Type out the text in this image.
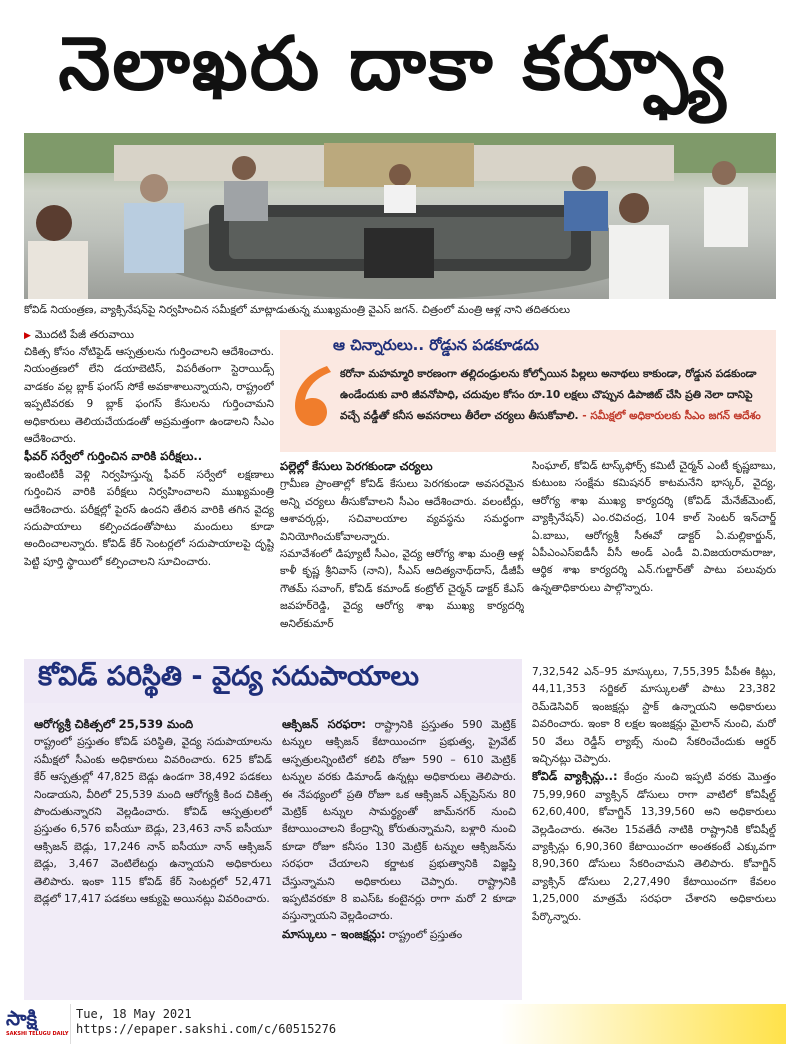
నెలాఖరు దాకా కర్ఫ్యూ
కోవిడ్ నియంత్రణ, వ్యాక్సినేషన్‌పై నిర్వహించిన సమీక్షలో మాట్లాడుతున్న ముఖ్యమంత్రి వైఎస్ జగన్. చిత్రంలో మంత్రి ఆళ్ల నాని తదితరులు
▶ మొదటి పేజీ తరువాయి
చికిత్స కోసం నోటిఫైడ్ ఆస్పత్రులను గుర్తించాలని ఆదేశించారు. నియంత్రణలో లేని డయాబెటిస్, విపరీతంగా స్టెరాయిడ్స్ వాడకం వల్ల బ్లాక్ ఫంగస్ సోకే అవకాశాలున్నాయని, రాష్ట్రంలో ఇప్పటివరకు 9 బ్లాక్ ఫంగస్ కేసులను గుర్తించామని అధికారులు తెలియచేయడంతో అప్రమత్తంగా ఉండాలని సీఎం ఆదేశించారు.
ఫీవర్ సర్వేలో గుర్తించిన వారికి పరీక్షలు..
ఇంటింటికీ వెళ్లి నిర్వహిస్తున్న ఫీవర్ సర్వేలో లక్షణాలు గుర్తించిన వారికి పరీక్షలు నిర్వహించాలని ముఖ్యమంత్రి ఆదేశించారు. పరీక్షల్లో పైరస్ ఉందని తేలిన వారికి తగిన వైద్య సదుపాయాలు కల్పించడంతోపాటు మందులు కూడా అందించాలన్నారు. కోవిడ్ కేర్ సెంటర్లలో సదుపాయాలపై దృష్టి పెట్టి పూర్తి స్థాయిలో కల్పించాలని సూచించారు.
ఆ చిన్నారులు.. రోడ్డున పడకూడదు
కరోనా మహమ్మారి కారణంగా తల్లిదండ్రులను కోల్పోయిన పిల్లలు అనాథలు కాకుండా, రోడ్డున పడకుండా ఉండేందుకు వారి జీవనోపాధి, చదువుల కోసం రూ.10 లక్షలు చొప్పున డిపాజిట్ చేసి ప్రతి నెలా దానిపై వచ్చే వడ్డీతో కనీస అవసరాలు తీరేలా చర్యలు తీసుకోవాలి. - సమీక్షలో అధికారులకు సీఎం జగన్ ఆదేశం
పల్లెల్లో కేసులు పెరగకుండా చర్యలు
గ్రామీణ ప్రాంతాల్లో కోవిడ్ కేసులు పెరగకుండా అవసరమైన అన్ని చర్యలు తీసుకోవాలని సీఎం ఆదేశించారు. వలంటీర్లు, ఆశావర్కర్లు, సచివాలయాల వ్యవస్థను సమర్థంగా వినియోగించుకోవాలన్నారు.
సమావేశంలో డిప్యూటీ సీఎం, వైద్య ఆరోగ్య శాఖ మంత్రి ఆళ్ల కాళీ కృష్ణ శ్రీనివాస్ (నాని), సీఎస్ ఆదిత్యనాథ్‌దాస్, డీజీపీ గౌతమ్ సవాంగ్, కోవిడ్ కమాండ్ కంట్రోల్ చైర్మన్ డాక్టర్ కేఎస్ జవహర్‌రెడ్డి, వైద్య ఆరోగ్య శాఖ ముఖ్య కార్యదర్శి అనిల్‌కుమార్
సింఘాల్, కోవిడ్ టాస్క్‌ఫోర్స్ కమిటీ చైర్మన్ ఎంటీ కృష్ణబాబు, కుటుంబ సంక్షేమ కమిషనర్ కాటమనేని భాస్కర్, వైద్య, ఆరోగ్య శాఖ ముఖ్య కార్యదర్శి (కోవిడ్ మేనేజ్‌మెంట్, వ్యాక్సినేషన్) ఎం.రవిచంద్ర, 104 కాల్ సెంటర్ ఇన్‌చార్జ్ ఏ.బాబు, ఆరోగ్యశ్రీ సీఈవో డాక్టర్ ఏ.మల్లికార్జున్, ఏపీఎంఎస్ఐడీసీ వీసీ అండ్ ఎండీ వి.విజయరామరాజు, ఆర్థిక శాఖ కార్యదర్శి ఎన్.గుల్జార్‌తో పాటు పలువురు ఉన్నతాధికారులు పాల్గొన్నారు.
కోవిడ్ పరిస్థితి - వైద్య సదుపాయాలు
ఆరోగ్యశ్రీ చికిత్సలో 25,539 మంది
రాష్ట్రంలో ప్రస్తుతం కోవిడ్ పరిస్థితి, వైద్య సదుపాయాలను సమీక్షలో సీఎంకు అధికారులు వివరించారు. 625 కోవిడ్ కేర్ ఆస్పత్రుల్లో 47,825 బెడ్లు ఉండగా 38,492 పడకలు నిండాయని, వీరిలో 25,539 మంది ఆరోగ్యశ్రీ కింద చికిత్స పొందుతున్నారని వెల్లడించారు. కోవిడ్ ఆస్పత్రులలో ప్రస్తుతం 6,576 ఐసీయూ బెడ్లు, 23,463 నాన్ ఐసీయూ ఆక్సిజన్ బెడ్లు, 17,246 నాన్ ఐసీయూ నాన్ ఆక్సిజన్ బెడ్లు, 3,467 వెంటిలేటర్లు ఉన్నాయని అధికారులు తెలిపారు. ఇంకా 115 కోవిడ్ కేర్ సెంటర్లలో 52,471 బెడ్లలో 17,417 పడకలు ఆక్యుపై అయినట్లు వివరించారు.
ఆక్సిజన్ సరఫరా: రాష్ట్రానికి ప్రస్తుతం 590 మెట్రిక్ టన్నుల ఆక్సిజన్ కేటాయించగా ప్రభుత్వ, ప్రైవేట్ ఆస్పత్రులన్నింటిలో కలిపి రోజూ 590 – 610 మెట్రిక్ టన్నుల వరకు డిమాండ్ ఉన్నట్లు అధికారులు తెలిపారు. ఈ నేపథ్యంలో ప్రతి రోజూ ఒక ఆక్సిజన్ ఎక్స్‌ప్రెస్‌ను 80 మెట్రిక్ టన్నుల సామర్థ్యంతో జామ్‌నగర్ నుంచి కేటాయించాలని కేంద్రాన్ని కోరుతున్నామని, బళ్లారి నుంచి కూడా రోజూ కనీసం 130 మెట్రిక్ టన్నుల ఆక్సిజన్‌ను సరఫరా చేయాలని కర్ణాటక ప్రభుత్వానికి విజ్ఞప్తి చేస్తున్నామని అధికారులు చెప్పారు. రాష్ట్రానికి ఇప్పటివరకూ 8 ఐఎస్ఓ కంటైనర్లు రాగా మరో 2 కూడా వస్తున్నాయని వెల్లడించారు.
మాస్కులు – ఇంజక్షన్లు: రాష్ట్రంలో ప్రస్తుతం
7,32,542 ఎన్–95 మాస్కులు, 7,55,395 పీపీఈ కిట్లు, 44,11,353 సర్జికల్ మాస్కులతో పాటు 23,382 రెమ్‌డెసివిర్ ఇంజక్షన్లు స్టాక్ ఉన్నాయని అధికారులు వివరించారు. ఇంకా 8 లక్షల ఇంజక్షన్లు మైలాన్ నుంచి, మరో 50 వేలు రెడ్డీస్ ల్యాబ్స్ నుంచి సేకరించేందుకు ఆర్డర్ ఇచ్చినట్లు చెప్పారు.
కోవిడ్ వ్యాక్సిన్లు..: కేంద్రం నుంచి ఇప్పటి వరకు మొత్తం 75,99,960 వ్యాక్సిన్ డోసులు రాగా వాటిలో కోవిషీల్డ్ 62,60,400, కోవాగ్జిన్ 13,39,560 అని అధికారులు వెల్లడించారు. ఈనెల 15వతేదీ నాటికి రాష్ట్రానికి కోవిషీల్డ్ వ్యాక్సిన్లు 6,90,360 కేటాయించగా అంతకంటే ఎక్కువగా 8,90,360 డోసులు సేకరించామని తెలిపారు. కోవాగ్జిన్ వ్యాక్సిన్ డోసులు 2,27,490 కేటాయించగా కేవలం 1,25,000 మాత్రమే సరఫరా చేశారని అధికారులు పేర్కొన్నారు.
సాక్షి
SAKSHI TELUGU DAILY
Tue, 18 May 2021
https://epaper.sakshi.com/c/60515276
